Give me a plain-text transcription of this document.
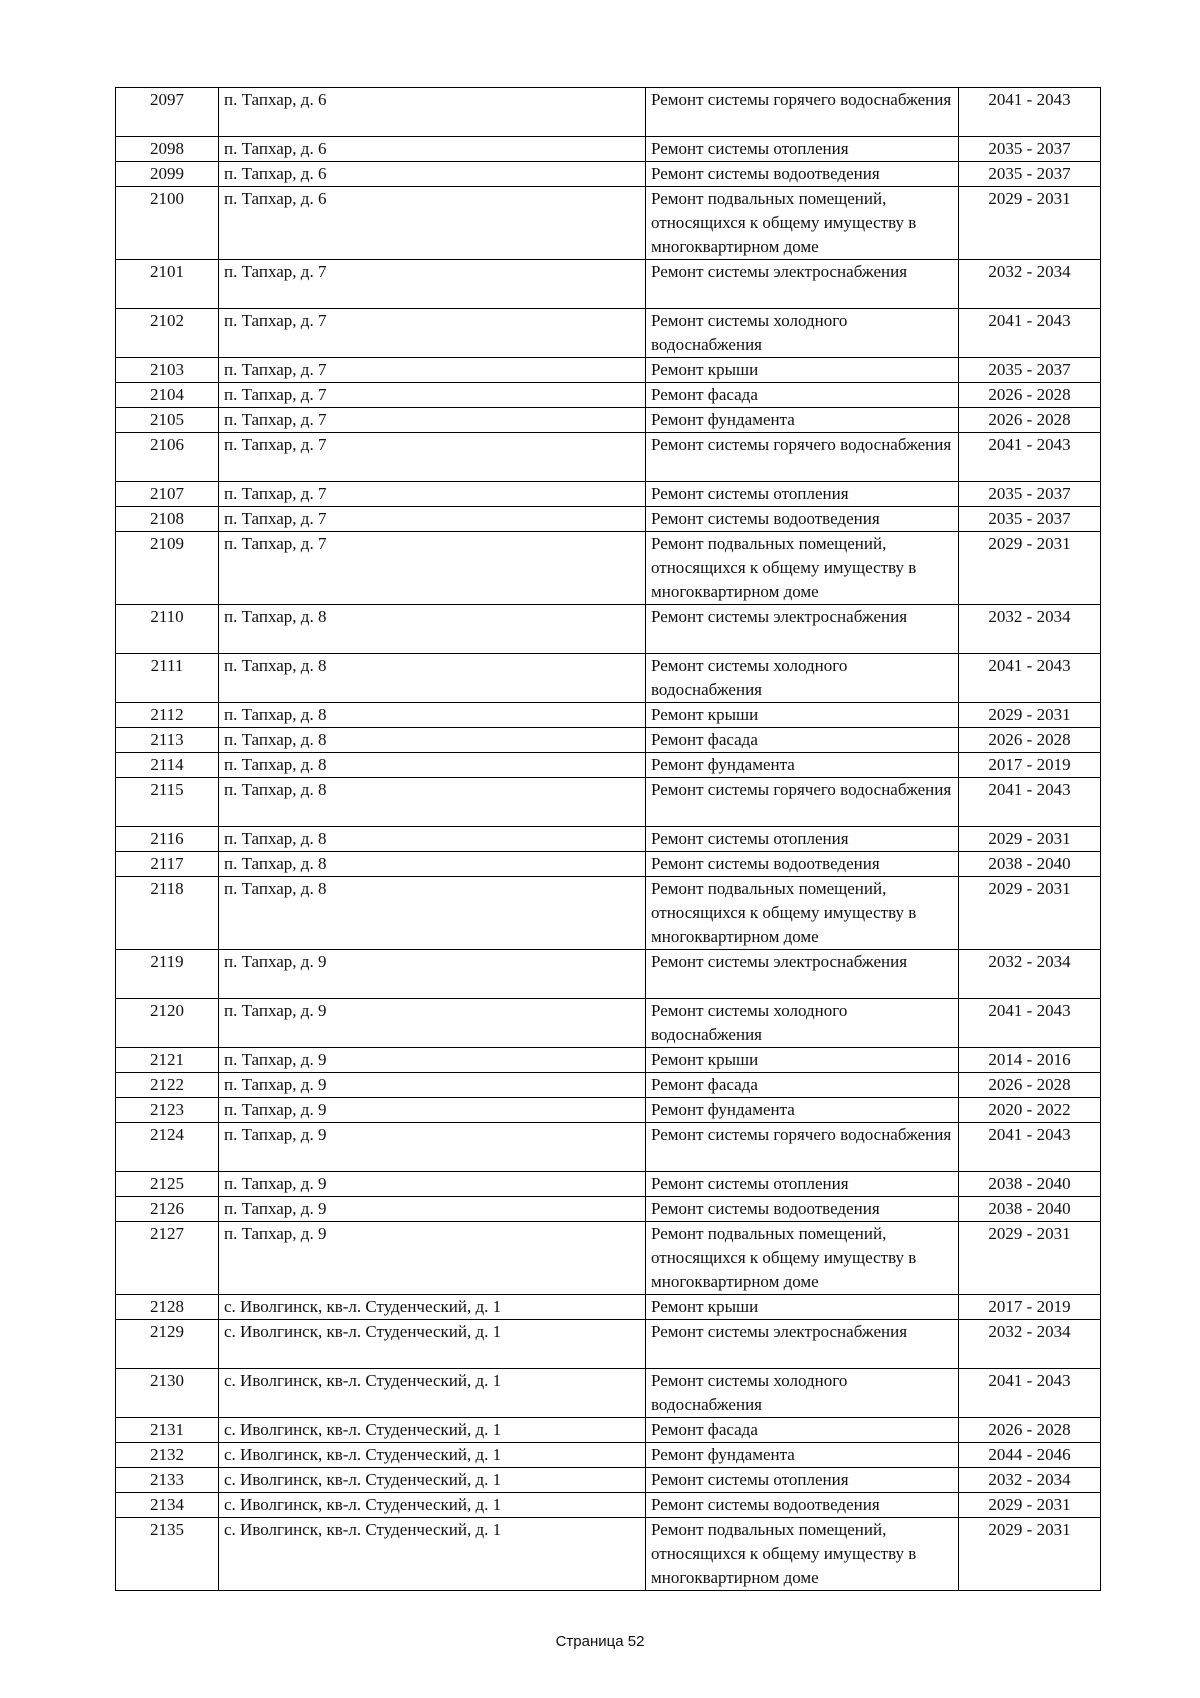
2097	п. Тапхар, д. 6	Ремонт системы горячего водоснабжения	2041 - 2043
2098	п. Тапхар, д. 6	Ремонт системы отопления	2035 - 2037
2099	п. Тапхар, д. 6	Ремонт системы водоотведения	2035 - 2037
2100	п. Тапхар, д. 6	Ремонт подвальных помещений, относящихся к общему имуществу в многоквартирном доме	2029 - 2031
2101	п. Тапхар, д. 7	Ремонт системы электроснабжения	2032 - 2034
2102	п. Тапхар, д. 7	Ремонт системы холодного водоснабжения	2041 - 2043
2103	п. Тапхар, д. 7	Ремонт крыши	2035 - 2037
2104	п. Тапхар, д. 7	Ремонт фасада	2026 - 2028
2105	п. Тапхар, д. 7	Ремонт фундамента	2026 - 2028
2106	п. Тапхар, д. 7	Ремонт системы горячего водоснабжения	2041 - 2043
2107	п. Тапхар, д. 7	Ремонт системы отопления	2035 - 2037
2108	п. Тапхар, д. 7	Ремонт системы водоотведения	2035 - 2037
2109	п. Тапхар, д. 7	Ремонт подвальных помещений, относящихся к общему имуществу в многоквартирном доме	2029 - 2031
2110	п. Тапхар, д. 8	Ремонт системы электроснабжения	2032 - 2034
2111	п. Тапхар, д. 8	Ремонт системы холодного водоснабжения	2041 - 2043
2112	п. Тапхар, д. 8	Ремонт крыши	2029 - 2031
2113	п. Тапхар, д. 8	Ремонт фасада	2026 - 2028
2114	п. Тапхар, д. 8	Ремонт фундамента	2017 - 2019
2115	п. Тапхар, д. 8	Ремонт системы горячего водоснабжения	2041 - 2043
2116	п. Тапхар, д. 8	Ремонт системы отопления	2029 - 2031
2117	п. Тапхар, д. 8	Ремонт системы водоотведения	2038 - 2040
2118	п. Тапхар, д. 8	Ремонт подвальных помещений, относящихся к общему имуществу в многоквартирном доме	2029 - 2031
2119	п. Тапхар, д. 9	Ремонт системы электроснабжения	2032 - 2034
2120	п. Тапхар, д. 9	Ремонт системы холодного водоснабжения	2041 - 2043
2121	п. Тапхар, д. 9	Ремонт крыши	2014 - 2016
2122	п. Тапхар, д. 9	Ремонт фасада	2026 - 2028
2123	п. Тапхар, д. 9	Ремонт фундамента	2020 - 2022
2124	п. Тапхар, д. 9	Ремонт системы горячего водоснабжения	2041 - 2043
2125	п. Тапхар, д. 9	Ремонт системы отопления	2038 - 2040
2126	п. Тапхар, д. 9	Ремонт системы водоотведения	2038 - 2040
2127	п. Тапхар, д. 9	Ремонт подвальных помещений, относящихся к общему имуществу в многоквартирном доме	2029 - 2031
2128	с. Иволгинск, кв-л. Студенческий, д. 1	Ремонт крыши	2017 - 2019
2129	с. Иволгинск, кв-л. Студенческий, д. 1	Ремонт системы электроснабжения	2032 - 2034
2130	с. Иволгинск, кв-л. Студенческий, д. 1	Ремонт системы холодного водоснабжения	2041 - 2043
2131	с. Иволгинск, кв-л. Студенческий, д. 1	Ремонт фасада	2026 - 2028
2132	с. Иволгинск, кв-л. Студенческий, д. 1	Ремонт фундамента	2044 - 2046
2133	с. Иволгинск, кв-л. Студенческий, д. 1	Ремонт системы отопления	2032 - 2034
2134	с. Иволгинск, кв-л. Студенческий, д. 1	Ремонт системы водоотведения	2029 - 2031
2135	с. Иволгинск, кв-л. Студенческий, д. 1	Ремонт подвальных помещений, относящихся к общему имуществу в многоквартирном доме	2029 - 2031
Страница 52
